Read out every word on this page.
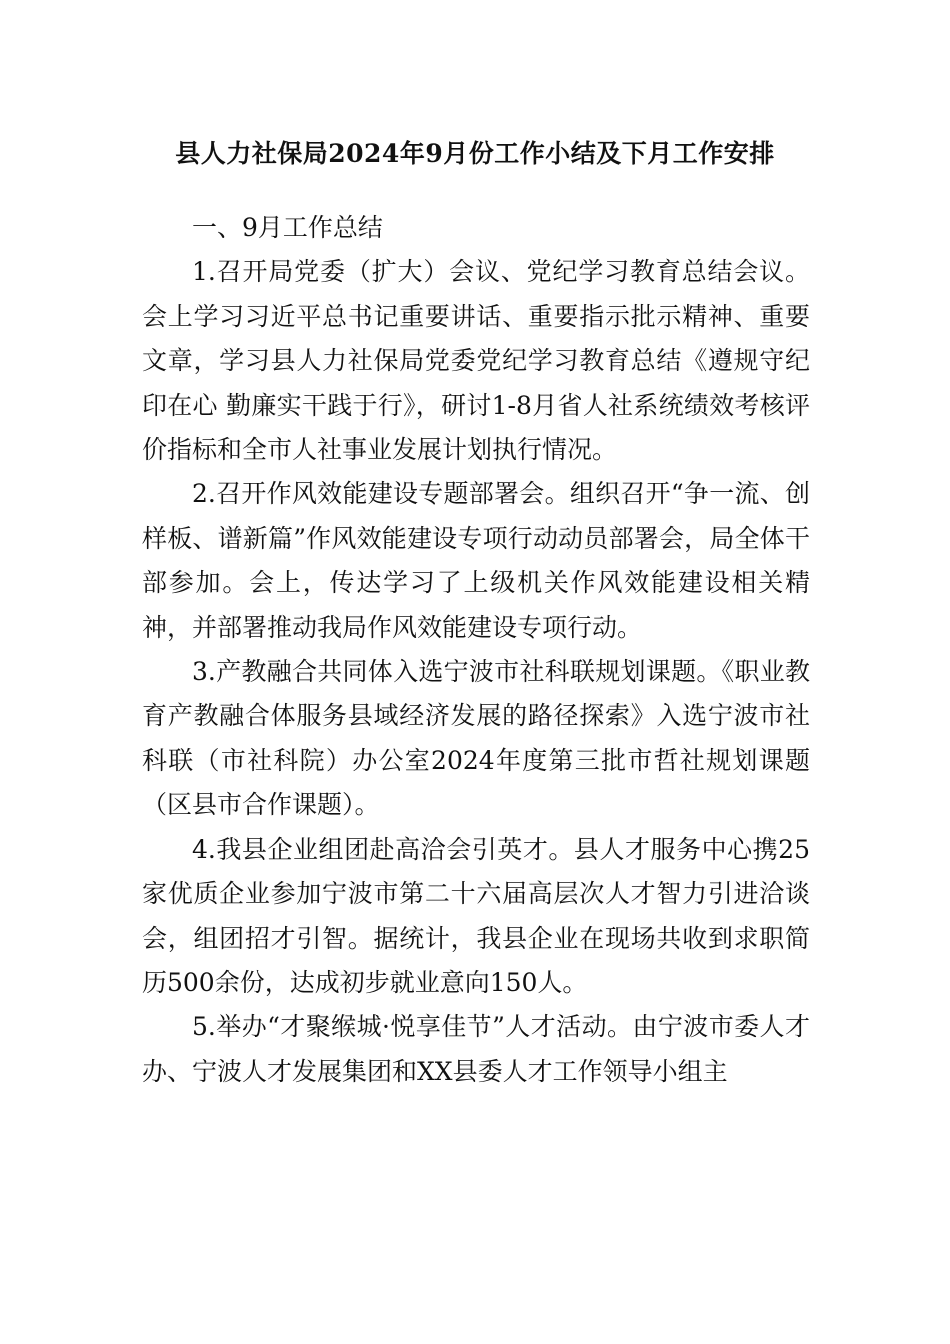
县人力社保局2024年9月份工作小结及下月工作安排

一、9月工作总结

1.召开局党委（扩大）会议、党纪学习教育总结会议。会上学习习近平总书记重要讲话、重要指示批示精神、重要文章，学习县人力社保局党委党纪学习教育总结《遵规守纪印在心 勤廉实干践于行》，研讨1-8月省人社系统绩效考核评价指标和全市人社事业发展计划执行情况。

2.召开作风效能建设专题部署会。组织召开“争一流、创样板、谱新篇”作风效能建设专项行动动员部署会，局全体干部参加。会上，传达学习了上级机关作风效能建设相关精神，并部署推动我局作风效能建设专项行动。

3.产教融合共同体入选宁波市社科联规划课题。《职业教育产教融合体服务县域经济发展的路径探索》入选宁波市社科联（市社科院）办公室2024年度第三批市哲社规划课题（区县市合作课题）。

4.我县企业组团赴高洽会引英才。县人才服务中心携25家优质企业参加宁波市第二十六届高层次人才智力引进洽谈会，组团招才引智。据统计，我县企业在现场共收到求职简历500余份，达成初步就业意向150人。

5.举办“才聚缑城·悦享佳节”人才活动。由宁波市委人才办、宁波人才发展集团和XX县委人才工作领导小组主
